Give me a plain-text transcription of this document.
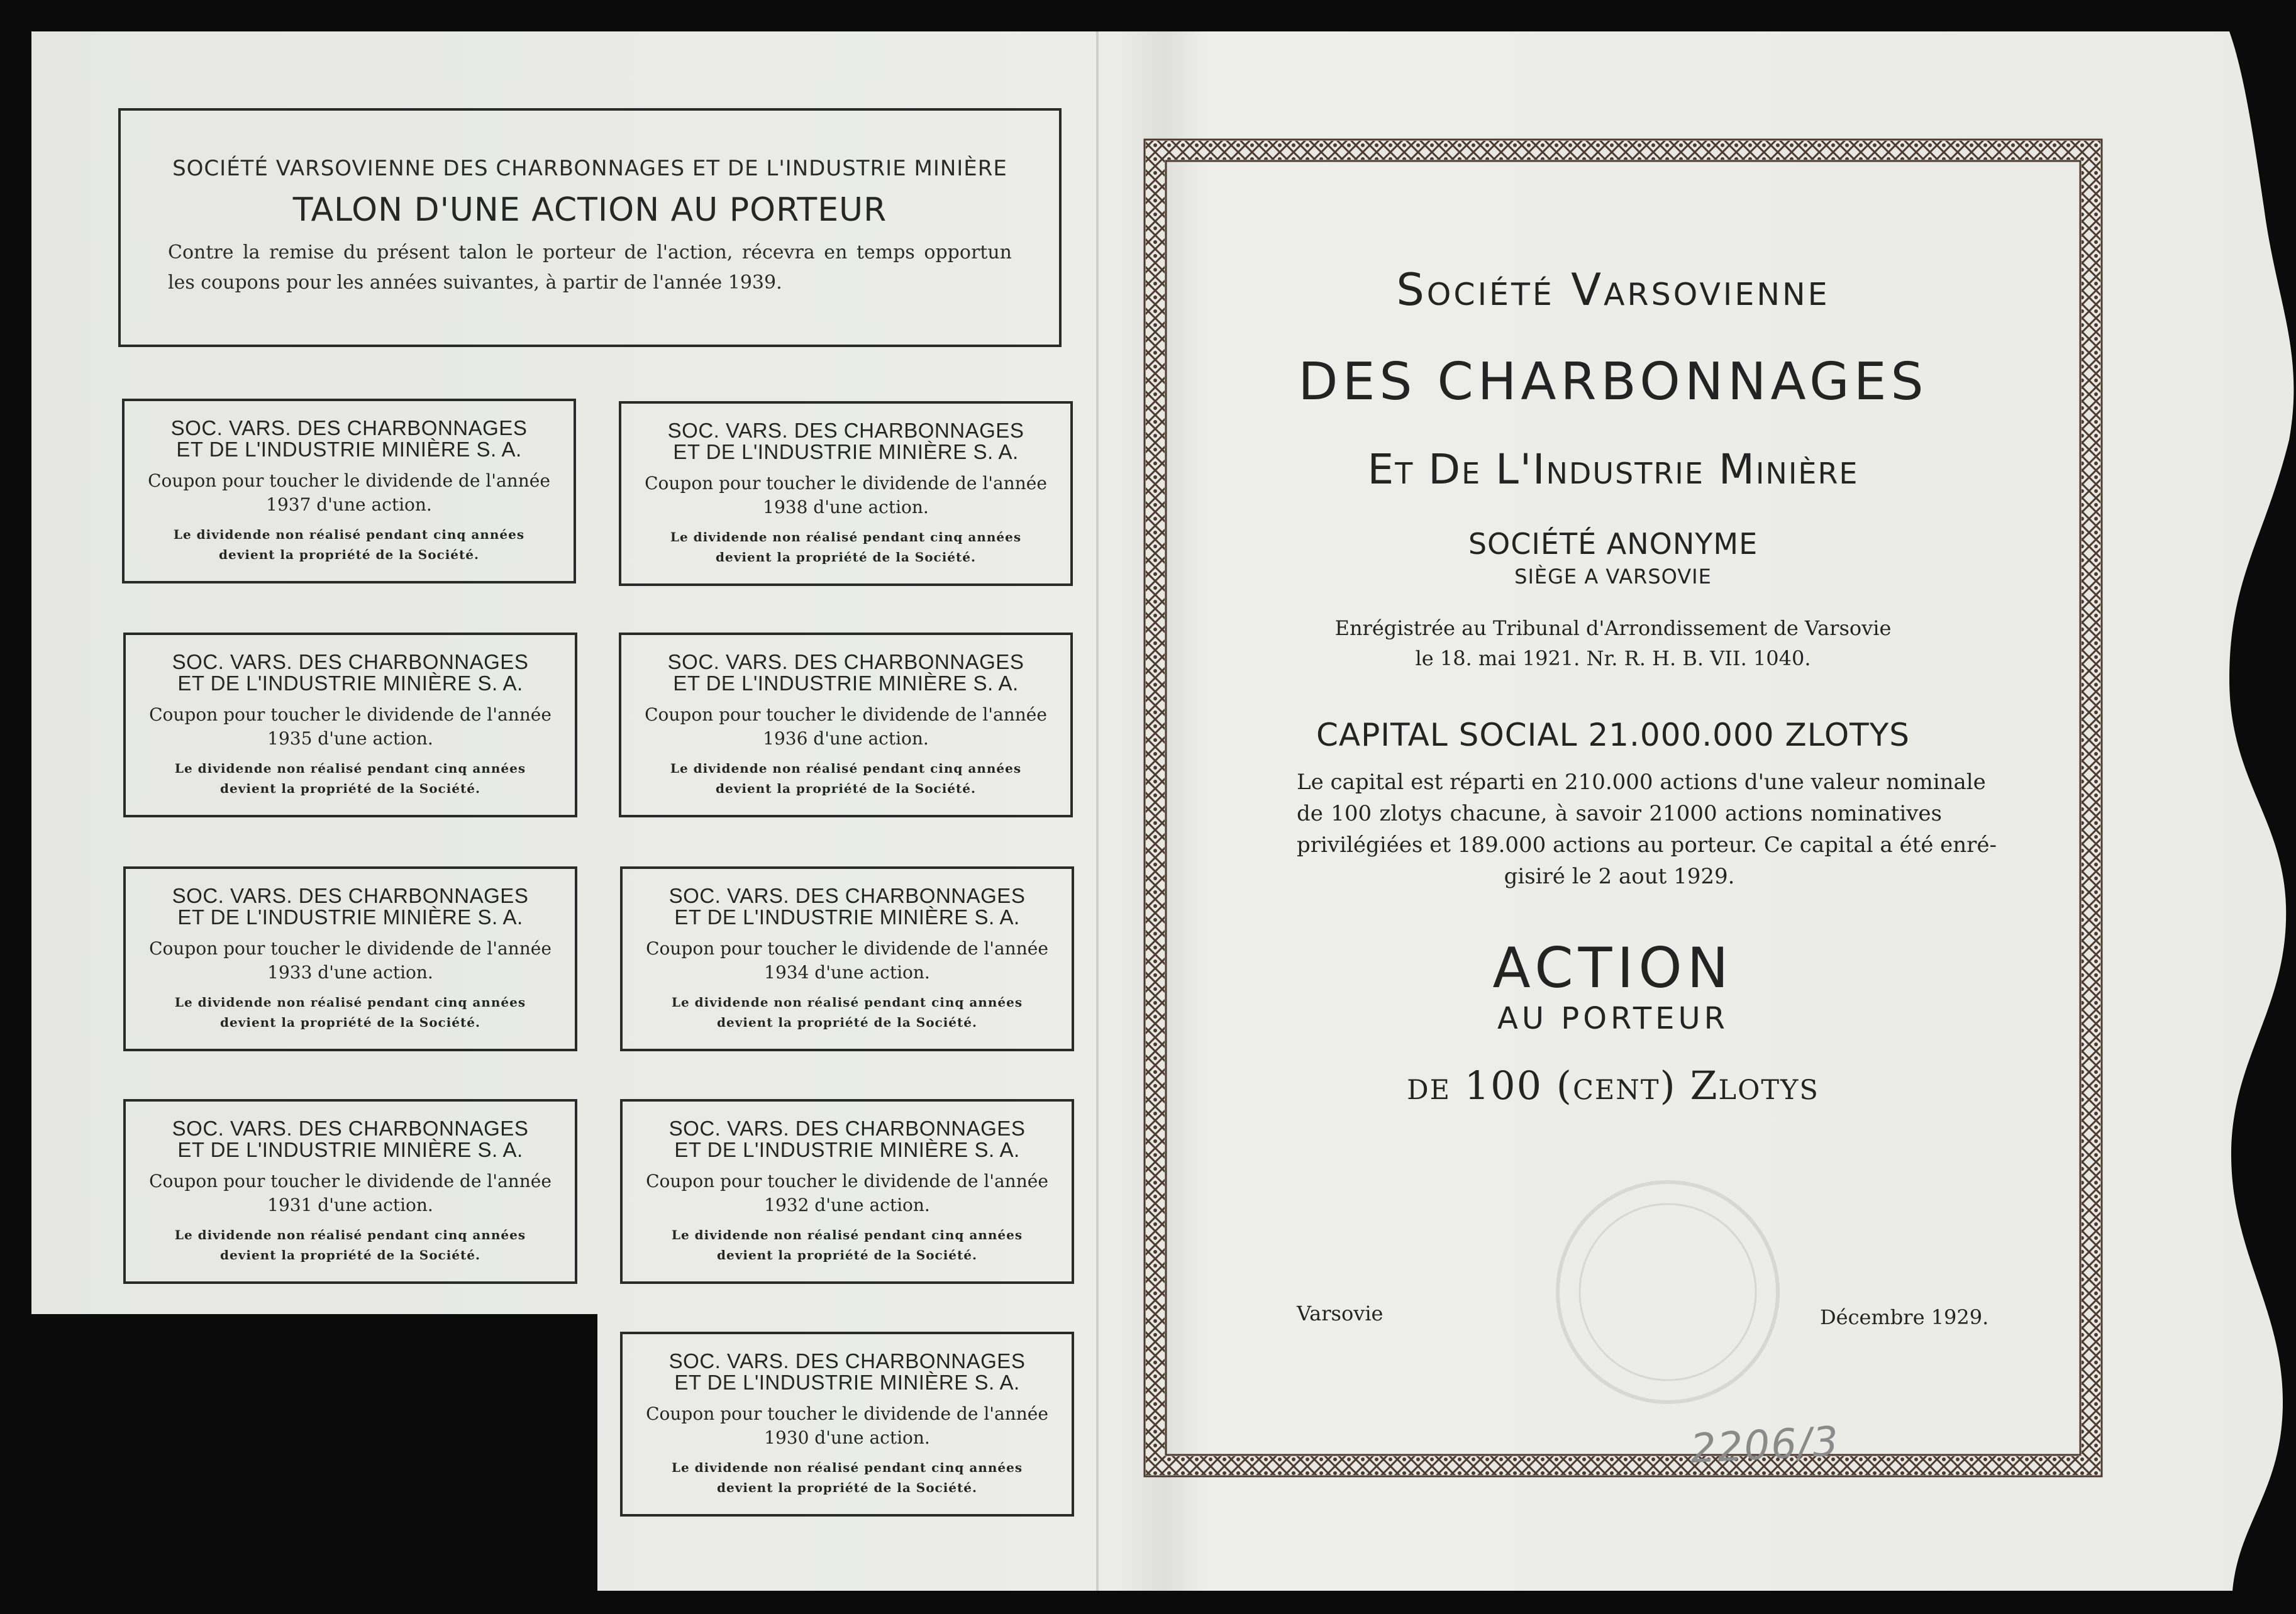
SOCIÉTÉ VARSOVIENNE DES CHARBONNAGES ET DE L'INDUSTRIE MINIÈRE
TALON D'UNE ACTION AU PORTEUR
Contre la remise du présent talon le porteur de l'action, récevra en temps opportun
les coupons pour les années suivantes, à partir de l'année 1939.
SOC. VARS. DES CHARBONNAGES
ET DE L'INDUSTRIE MINIÈRE S. A.
Coupon pour toucher le dividende de l'année
1937 d'une action.
Le dividende non réalisé pendant cinq années
devient la propriété de la Société.
SOC. VARS. DES CHARBONNAGES
ET DE L'INDUSTRIE MINIÈRE S. A.
Coupon pour toucher le dividende de l'année
1938 d'une action.
Le dividende non réalisé pendant cinq années
devient la propriété de la Société.
SOC. VARS. DES CHARBONNAGES
ET DE L'INDUSTRIE MINIÈRE S. A.
Coupon pour toucher le dividende de l'année
1935 d'une action.
Le dividende non réalisé pendant cinq années
devient la propriété de la Société.
SOC. VARS. DES CHARBONNAGES
ET DE L'INDUSTRIE MINIÈRE S. A.
Coupon pour toucher le dividende de l'année
1936 d'une action.
Le dividende non réalisé pendant cinq années
devient la propriété de la Société.
SOC. VARS. DES CHARBONNAGES
ET DE L'INDUSTRIE MINIÈRE S. A.
Coupon pour toucher le dividende de l'année
1933 d'une action.
Le dividende non réalisé pendant cinq années
devient la propriété de la Société.
SOC. VARS. DES CHARBONNAGES
ET DE L'INDUSTRIE MINIÈRE S. A.
Coupon pour toucher le dividende de l'année
1934 d'une action.
Le dividende non réalisé pendant cinq années
devient la propriété de la Société.
SOC. VARS. DES CHARBONNAGES
ET DE L'INDUSTRIE MINIÈRE S. A.
Coupon pour toucher le dividende de l'année
1931 d'une action.
Le dividende non réalisé pendant cinq années
devient la propriété de la Société.
SOC. VARS. DES CHARBONNAGES
ET DE L'INDUSTRIE MINIÈRE S. A.
Coupon pour toucher le dividende de l'année
1932 d'une action.
Le dividende non réalisé pendant cinq années
devient la propriété de la Société.
SOC. VARS. DES CHARBONNAGES
ET DE L'INDUSTRIE MINIÈRE S. A.
Coupon pour toucher le dividende de l'année
1930 d'une action.
Le dividende non réalisé pendant cinq années
devient la propriété de la Société.
Société Varsovienne
DES CHARBONNAGES
Et De L'Industrie Minière
SOCIÉTÉ ANONYME
SIÈGE A VARSOVIE
Enrégistrée au Tribunal d'Arrondissement de Varsovie
le 18. mai 1921. Nr. R. H. B. VII. 1040.
CAPITAL SOCIAL 21.000.000 ZLOTYS
Le capital est réparti en 210.000 actions d'une valeur nominale
de 100 zlotys chacune, à savoir 21000 actions nominatives
privilégiées et 189.000 actions au porteur. Ce capital a été enré-
gisiré le 2 aout 1929.
ACTION
AU PORTEUR
de 100 (cent) Zlotys
Varsovie	Décembre 1929.
2206/3
